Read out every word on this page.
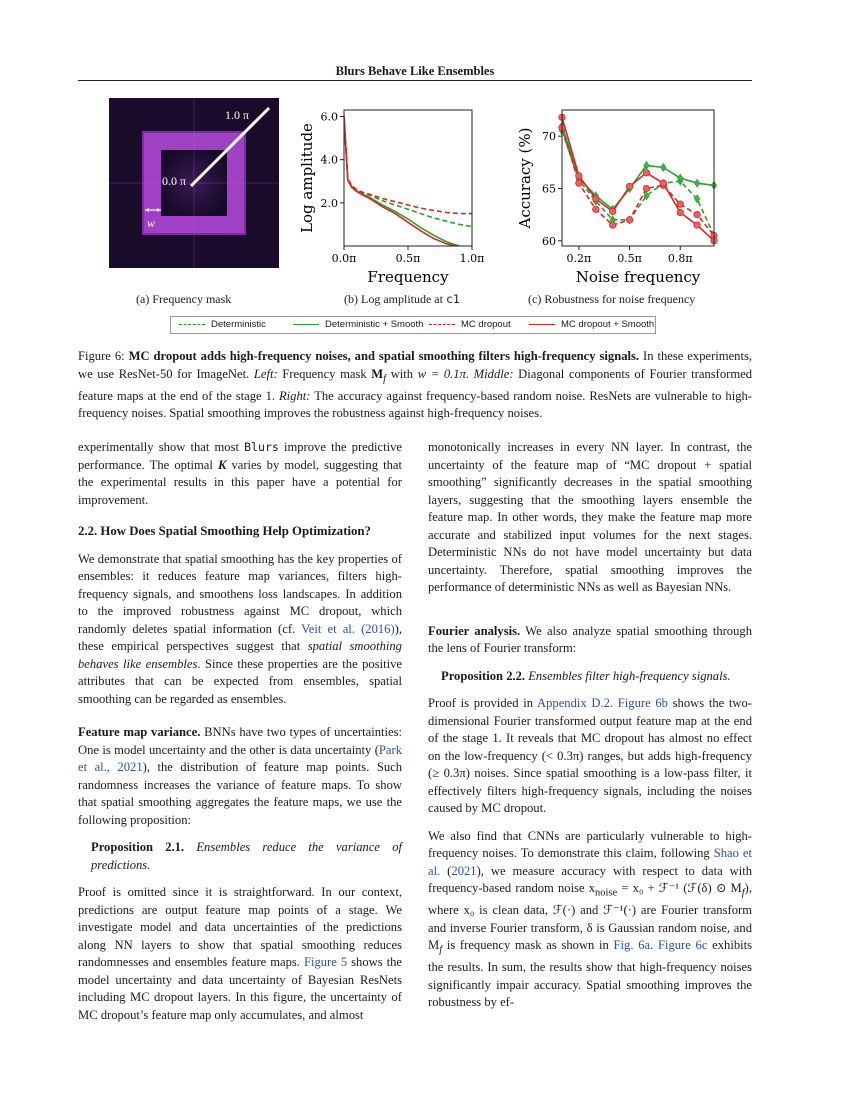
Blurs Behave Like Ensembles
1.0 π
0.0 π
w
0.0π	0.5π	1.0π
2.0
4.0
6.0
Frequency
Log amplitude
0.2π 0.5π 0.8π
60
65
70
Noise frequency
Accuracy (%)
(a) Frequency mask	(b) Log amplitude at c1	(c) Robustness for noise frequency
Deterministic	Deterministic + Smooth	MC dropout	MC dropout + Smooth
Figure 6: MC dropout adds high-frequency noises, and spatial smoothing filters high-frequency signals. In these experiments, we use ResNet-50 for ImageNet. Left: Frequency mask $M_f$ with w = 0.1π. Middle: Diagonal components of Fourier transformed feature maps at the end of the stage 1. Right: The accuracy against frequency-based random noise. ResNets are vulnerable to high-frequency noises. Spatial smoothing improves the robustness against high-frequency noises.

experimentally show that most Blurs improve the predictive performance. The optimal K varies by model, suggesting that the experimental results in this paper have a potential for improvement.

2.2. How Does Spatial Smoothing Help Optimization?

We demonstrate that spatial smoothing has the key properties of ensembles: it reduces feature map variances, filters high-frequency signals, and smoothens loss landscapes. In addition to the improved robustness against MC dropout, which randomly deletes spatial information (cf. Veit et al. (2016)), these empirical perspectives suggest that spatial smoothing behaves like ensembles. Since these properties are the positive attributes that can be expected from ensembles, spatial smoothing can be regarded as ensembles.

Feature map variance. BNNs have two types of uncertainties: One is model uncertainty and the other is data uncertainty (Park et al., 2021), the distribution of feature map points. Such randomness increases the variance of feature maps. To show that spatial smoothing aggregates the feature maps, we use the following proposition:

Proposition 2.1. Ensembles reduce the variance of predictions.

Proof is omitted since it is straightforward. In our context, predictions are output feature map points of a stage. We investigate model and data uncertainties of the predictions along NN layers to show that spatial smoothing reduces randomnesses and ensembles feature maps. Figure 5 shows the model uncertainty and data uncertainty of Bayesian ResNets including MC dropout layers. In this figure, the uncertainty of MC dropout’s feature map only accumulates, and almost

monotonically increases in every NN layer. In contrast, the uncertainty of the feature map of “MC dropout + spatial smoothing” significantly decreases in the spatial smoothing layers, suggesting that the smoothing layers ensemble the feature map. In other words, they make the feature map more accurate and stabilized input volumes for the next stages. Deterministic NNs do not have model uncertainty but data uncertainty. Therefore, spatial smoothing improves the performance of deterministic NNs as well as Bayesian NNs.

Fourier analysis. We also analyze spatial smoothing through the lens of Fourier transform:

Proposition 2.2. Ensembles filter high-frequency signals.

Proof is provided in Appendix D.2. Figure 6b shows the two-dimensional Fourier transformed output feature map at the end of the stage 1. It reveals that MC dropout has almost no effect on the low-frequency (< 0.3π) ranges, but adds high-frequency (≥ 0.3π) noises. Since spatial smoothing is a low-pass filter, it effectively filters high-frequency signals, including the noises caused by MC dropout.

We also find that CNNs are particularly vulnerable to high-frequency noises. To demonstrate this claim, following Shao et al. (2021), we measure accuracy with respect to data with frequency-based random noise $x_{noise} = x_0$ + ℱ⁻¹ (ℱ(δ) ⊙ $M_f$), where x₀ is clean data, ℱ(·) and ℱ⁻¹(·) are Fourier transform and inverse Fourier transform, δ is Gaussian random noise, and $M_f$ is frequency mask as shown in Fig. 6a. Figure 6c exhibits the results. In sum, the results show that high-frequency noises significantly impair accuracy. Spatial smoothing improves the robustness by ef-
